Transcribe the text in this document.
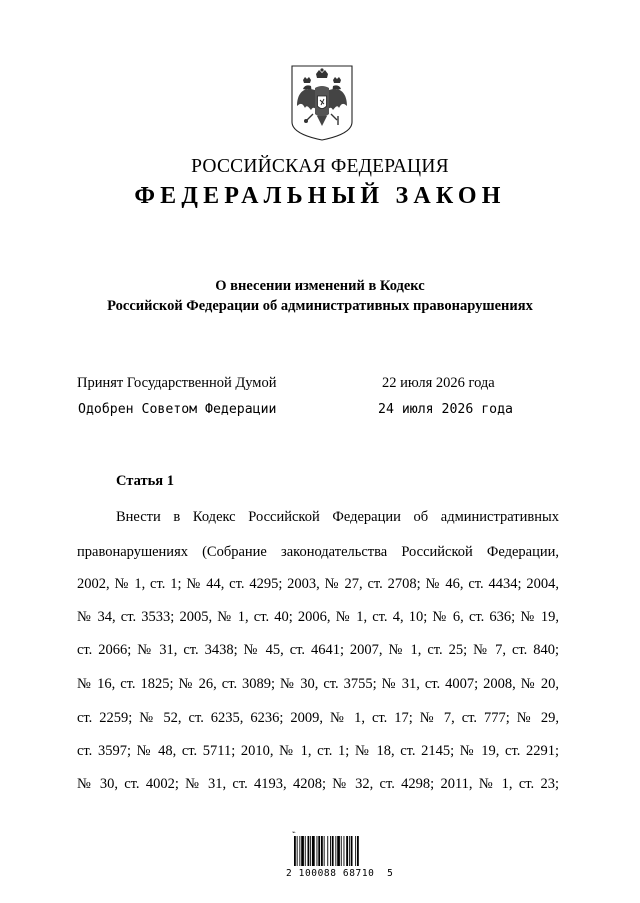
РОССИЙСКАЯ ФЕДЕРАЦИЯ
ФЕДЕРАЛЬНЫЙ ЗАКОН
О внесении изменений в Кодекс
Российской Федерации об административных правонарушениях
Принят Государственной Думой	22 июля 2026 года
Одобрен Советом Федерации	24 июля 2026 года
Статья 1
Внести в Кодекс Российской Федерации об административных
правонарушениях (Собрание законодательства Российской Федерации,
2002, № 1, ст. 1; № 44, ст. 4295; 2003, № 27, ст. 2708; № 46, ст. 4434; 2004,
№ 34, ст. 3533; 2005, № 1, ст. 40; 2006, № 1, ст. 4, 10; № 6, ст. 636; № 19,
ст. 2066; № 31, ст. 3438; № 45, ст. 4641; 2007, № 1, ст. 25; № 7, ст. 840;
№ 16, ст. 1825; № 26, ст. 3089; № 30, ст. 3755; № 31, ст. 4007; 2008, № 20,
ст. 2259; № 52, ст. 6235, 6236; 2009, № 1, ст. 17; № 7, ст. 777; № 29,
ст. 3597; № 48, ст. 5711; 2010, № 1, ст. 1; № 18, ст. 2145; № 19, ст. 2291;
№ 30, ст. 4002; № 31, ст. 4193, 4208; № 32, ст. 4298; 2011, № 1, ст. 23;
⌁
2 100088 68710  5
